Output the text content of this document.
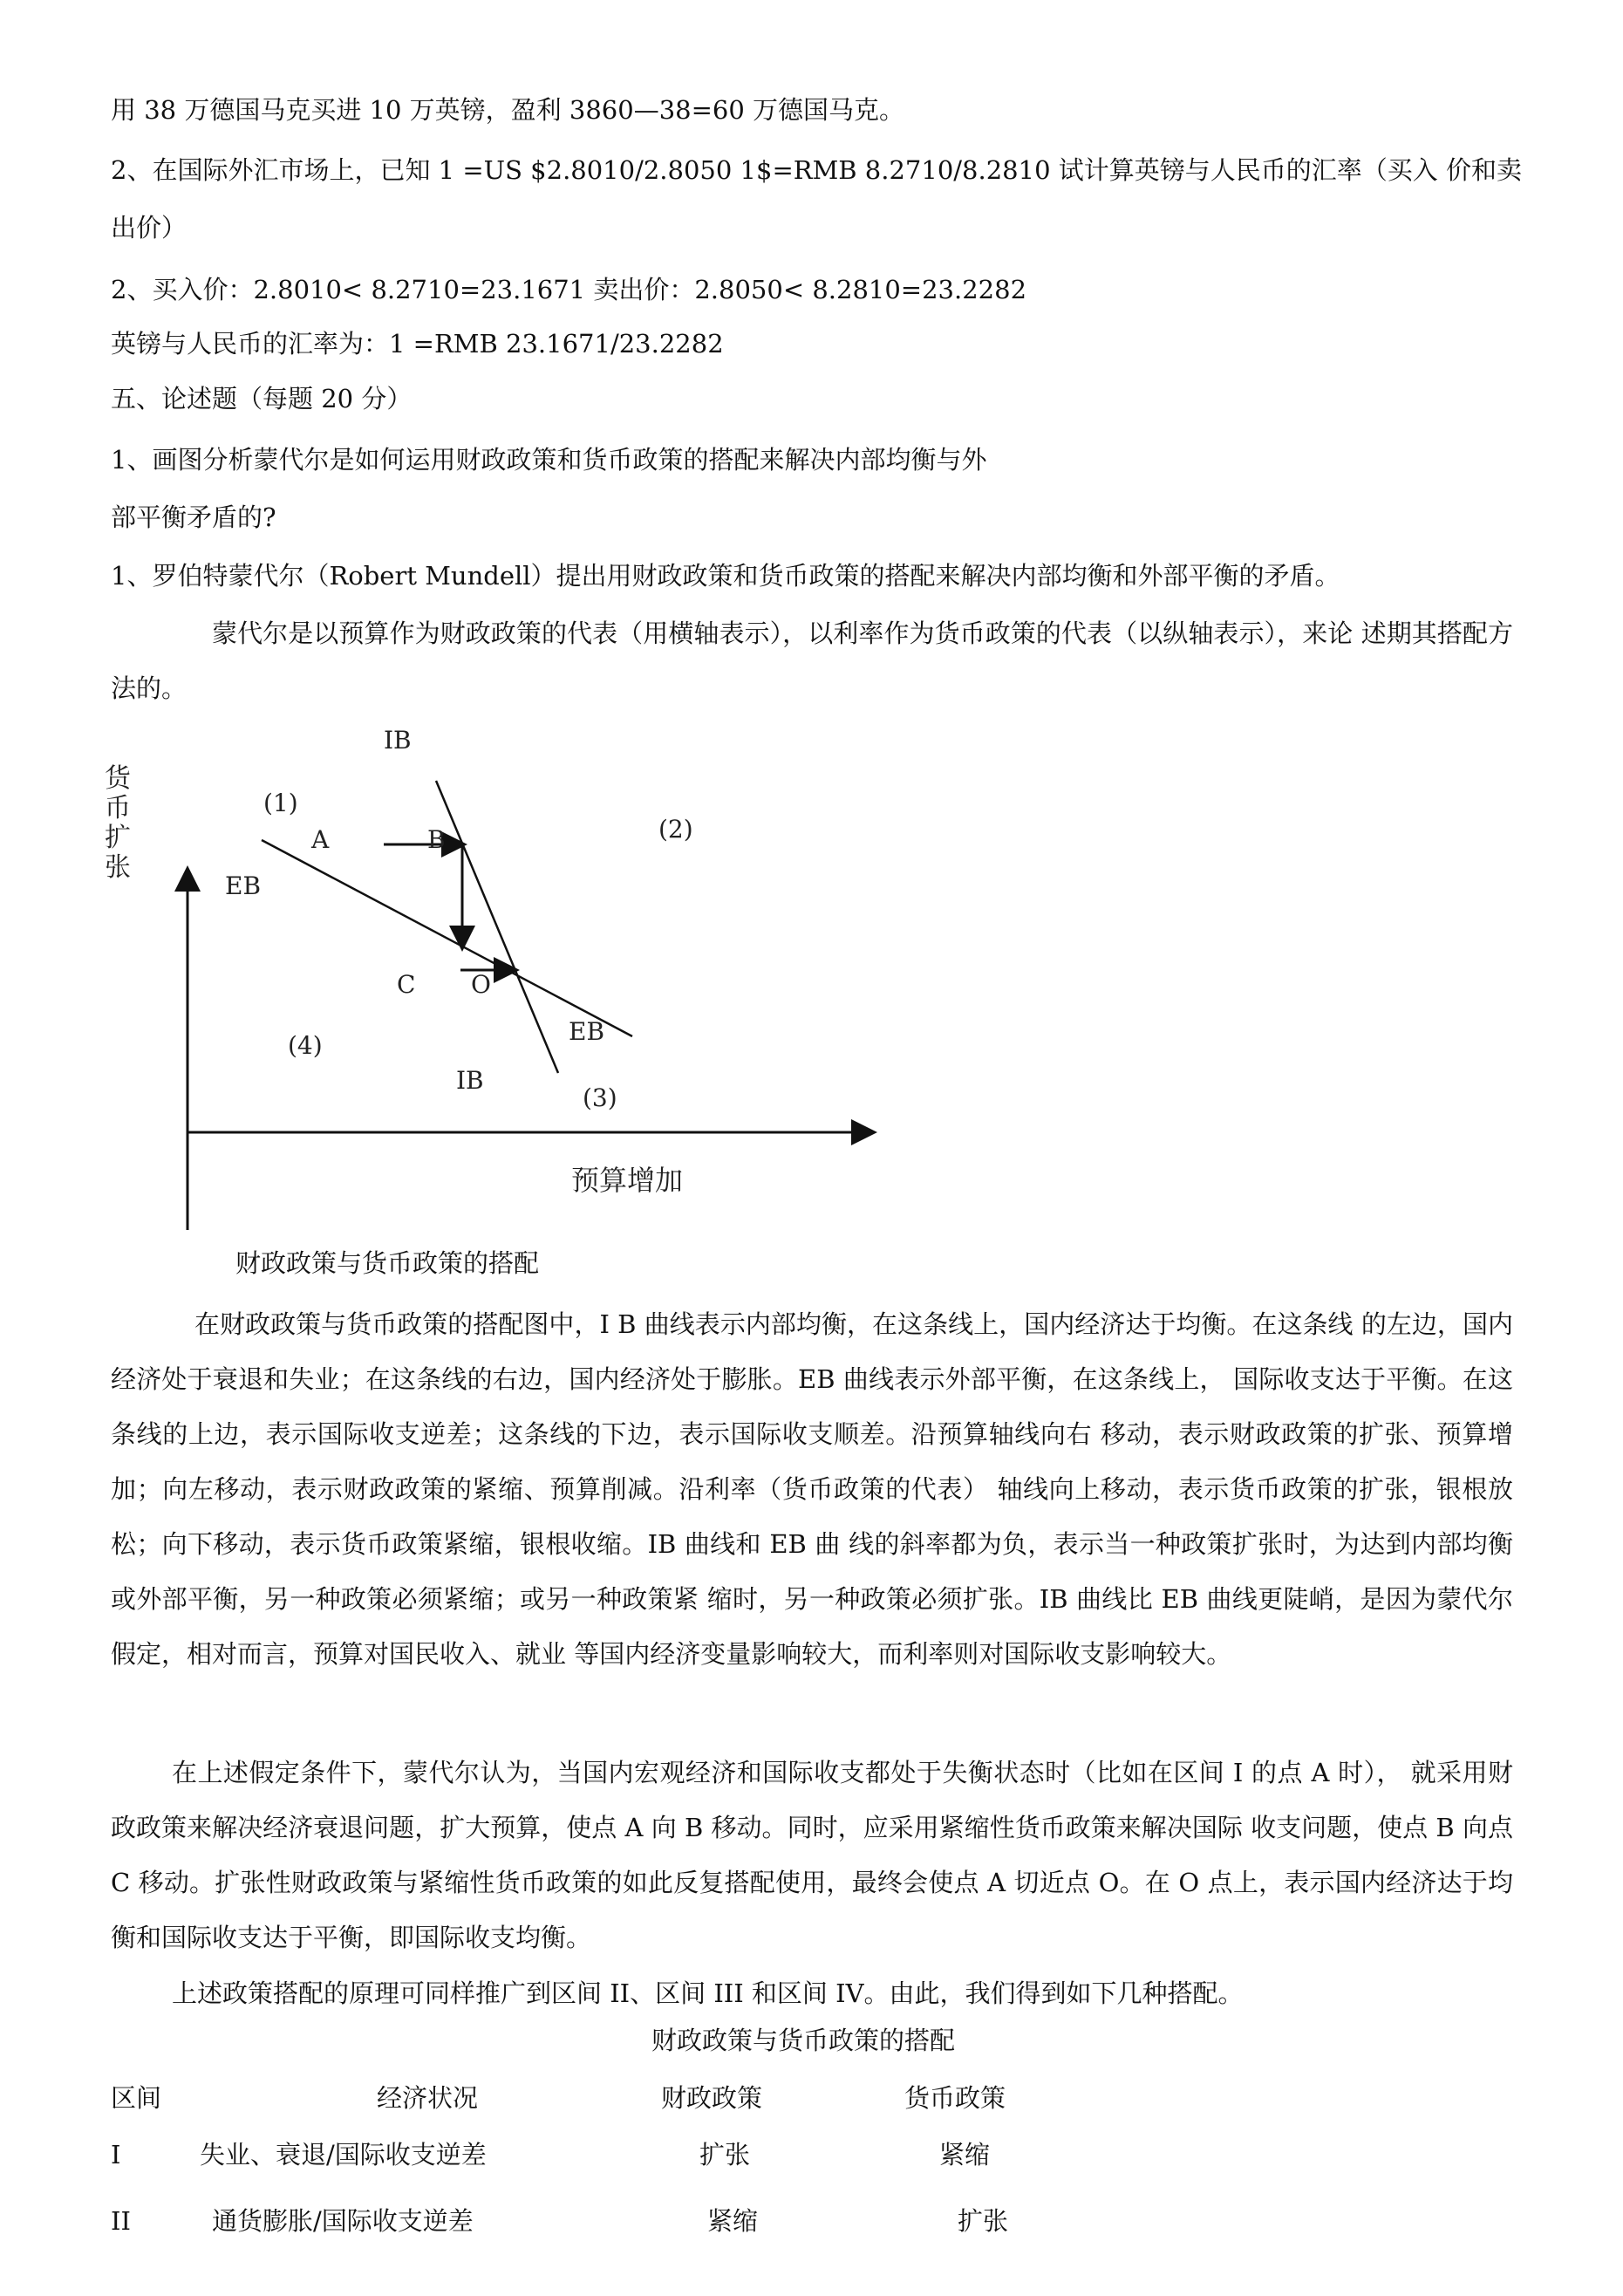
用 38 万德国马克买进 10 万英镑，盈利 3860—38=60 万德国马克。
2、在国际外汇市场上，已知 1 =US $2.8010/2.8050 1$=RMB 8.2710/8.2810 试计算英镑与人民币的汇率（买入 价和卖
出价）
2、买入价：2.8010< 8.2710=23.1671 卖出价：2.8050< 8.2810=23.2282
英镑与人民币的汇率为：1 =RMB 23.1671/23.2282
五、论述题（每题 20 分）
1、画图分析蒙代尔是如何运用财政政策和货币政策的搭配来解决内部均衡与外
部平衡矛盾的?
1、罗伯特蒙代尔（Robert Mundell）提出用财政政策和货币政策的搭配来解决内部均衡和外部平衡的矛盾。
蒙代尔是以预算作为财政政策的代表（用横轴表示），以利率作为货币政策的代表（以纵轴表示），来论 述期其搭配方法的。
货
币
扩
张
预算增加
IB
(1)
A	B	(2)
EB
C O
EB
(4)
IB
(3)
财政政策与货币政策的搭配
在财政政策与货币政策的搭配图中，I B 曲线表示内部均衡，在这条线上，国内经济达于均衡。在这条线 的左边，国内经济处于衰退和失业；在这条线的右边，国内经济处于膨胀。EB 曲线表示外部平衡，在这条线上， 国际收支达于平衡。在这条线的上边，表示国际收支逆差；这条线的下边，表示国际收支顺差。沿预算轴线向右 移动，表示财政政策的扩张、预算增加；向左移动，表示财政政策的紧缩、预算削减。沿利率（货币政策的代表） 轴线向上移动，表示货币政策的扩张，银根放松；向下移动，表示货币政策紧缩，银根收缩。IB 曲线和 EB 曲 线的斜率都为负，表示当一种政策扩张时，为达到内部均衡或外部平衡，另一种政策必须紧缩；或另一种政策紧 缩时，另一种政策必须扩张。IB 曲线比 EB 曲线更陡峭，是因为蒙代尔假定，相对而言，预算对国民收入、就业 等国内经济变量影响较大，而利率则对国际收支影响较大。
在上述假定条件下，蒙代尔认为，当国内宏观经济和国际收支都处于失衡状态时（比如在区间 I 的点 A 时）， 就采用财政政策来解决经济衰退问题，扩大预算，使点 A 向 B 移动。同时，应采用紧缩性货币政策来解决国际 收支问题，使点 B 向点 C 移动。扩张性财政政策与紧缩性货币政策的如此反复搭配使用，最终会使点 A 切近点 O。在 O 点上，表示国内经济达于均衡和国际收支达于平衡，即国际收支均衡。
上述政策搭配的原理可同样推广到区间 II、区间 III 和区间 IV。由此，我们得到如下几种搭配。
财政政策与货币政策的搭配
区间	经济状况	财政政策	货币政策
I	失业、衰退/国际收支逆差	扩张	紧缩
II	通货膨胀/国际收支逆差	紧缩	扩张
